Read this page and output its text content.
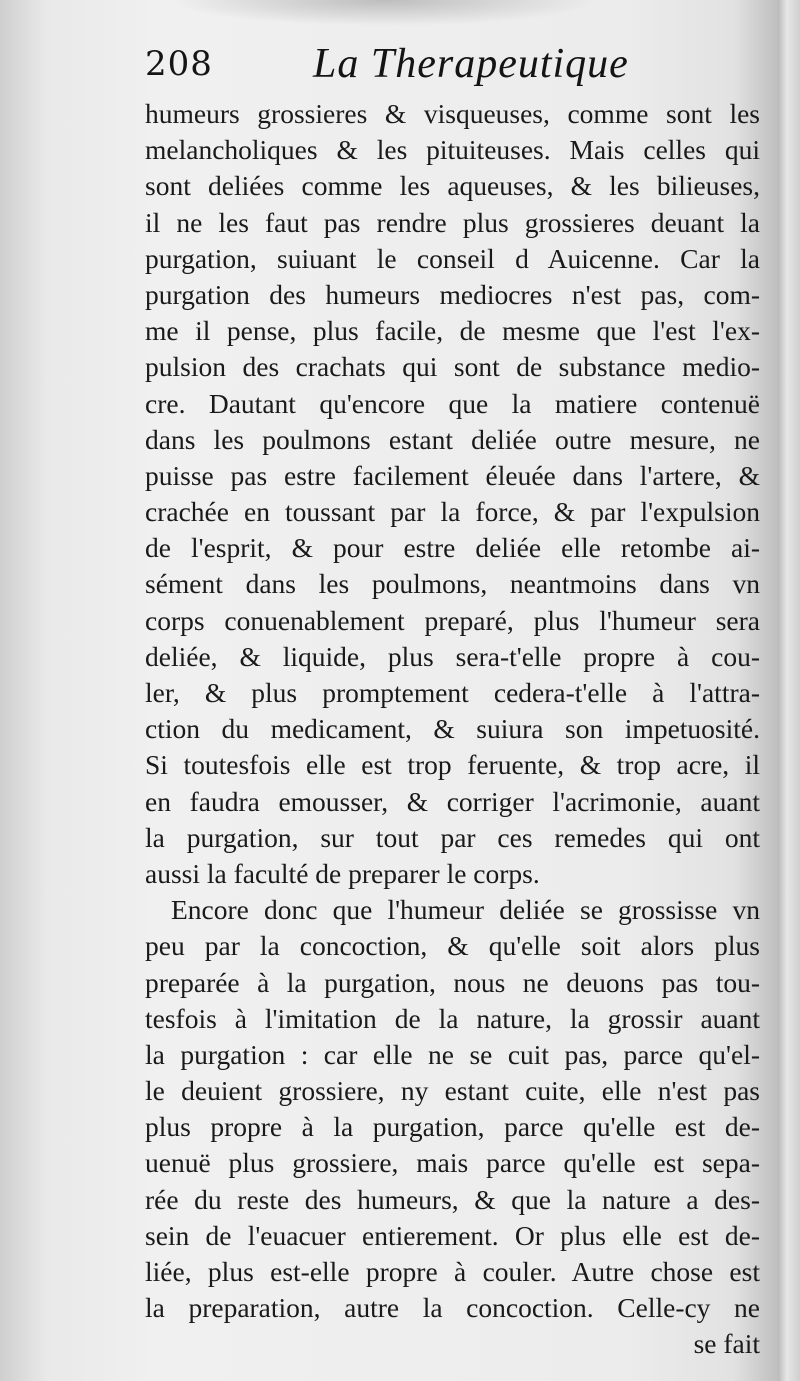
208 La Therapeutique
humeurs grossieres & visqueuses, comme sont les
melancholiques & les pituiteuses. Mais celles qui
sont deliées comme les aqueuses, & les bilieuses,
il ne les faut pas rendre plus grossieres deuant la
purgation, suiuant le conseil d Auicenne. Car la
purgation des humeurs mediocres n'est pas, com-
me il pense, plus facile, de mesme que l'est l'ex-
pulsion des crachats qui sont de substance medio-
cre. Dautant qu'encore que la matiere contenuë
dans les poulmons estant deliée outre mesure, ne
puisse pas estre facilement éleuée dans l'artere, &
crachée en toussant par la force, & par l'expulsion
de l'esprit, & pour estre deliée elle retombe ai-
sément dans les poulmons, neantmoins dans vn
corps conuenablement preparé, plus l'humeur sera
deliée, & liquide, plus sera-t'elle propre à cou-
ler, & plus promptement cedera-t'elle à l'attra-
ction du medicament, & suiura son impetuosité.
Si toutesfois elle est trop feruente, & trop acre, il
en faudra emousser, & corriger l'acrimonie, auant
la purgation, sur tout par ces remedes qui ont
aussi la faculté de preparer le corps.
Encore donc que l'humeur deliée se grossisse vn
peu par la concoction, & qu'elle soit alors plus
preparée à la purgation, nous ne deuons pas tou-
tesfois à l'imitation de la nature, la grossir auant
la purgation : car elle ne se cuit pas, parce qu'el-
le deuient grossiere, ny estant cuite, elle n'est pas
plus propre à la purgation, parce qu'elle est de-
uenuë plus grossiere, mais parce qu'elle est sepa-
rée du reste des humeurs, & que la nature a des-
sein de l'euacuer entierement. Or plus elle est de-
liée, plus est-elle propre à couler. Autre chose est
la preparation, autre la concoction. Celle-cy ne
se fait
